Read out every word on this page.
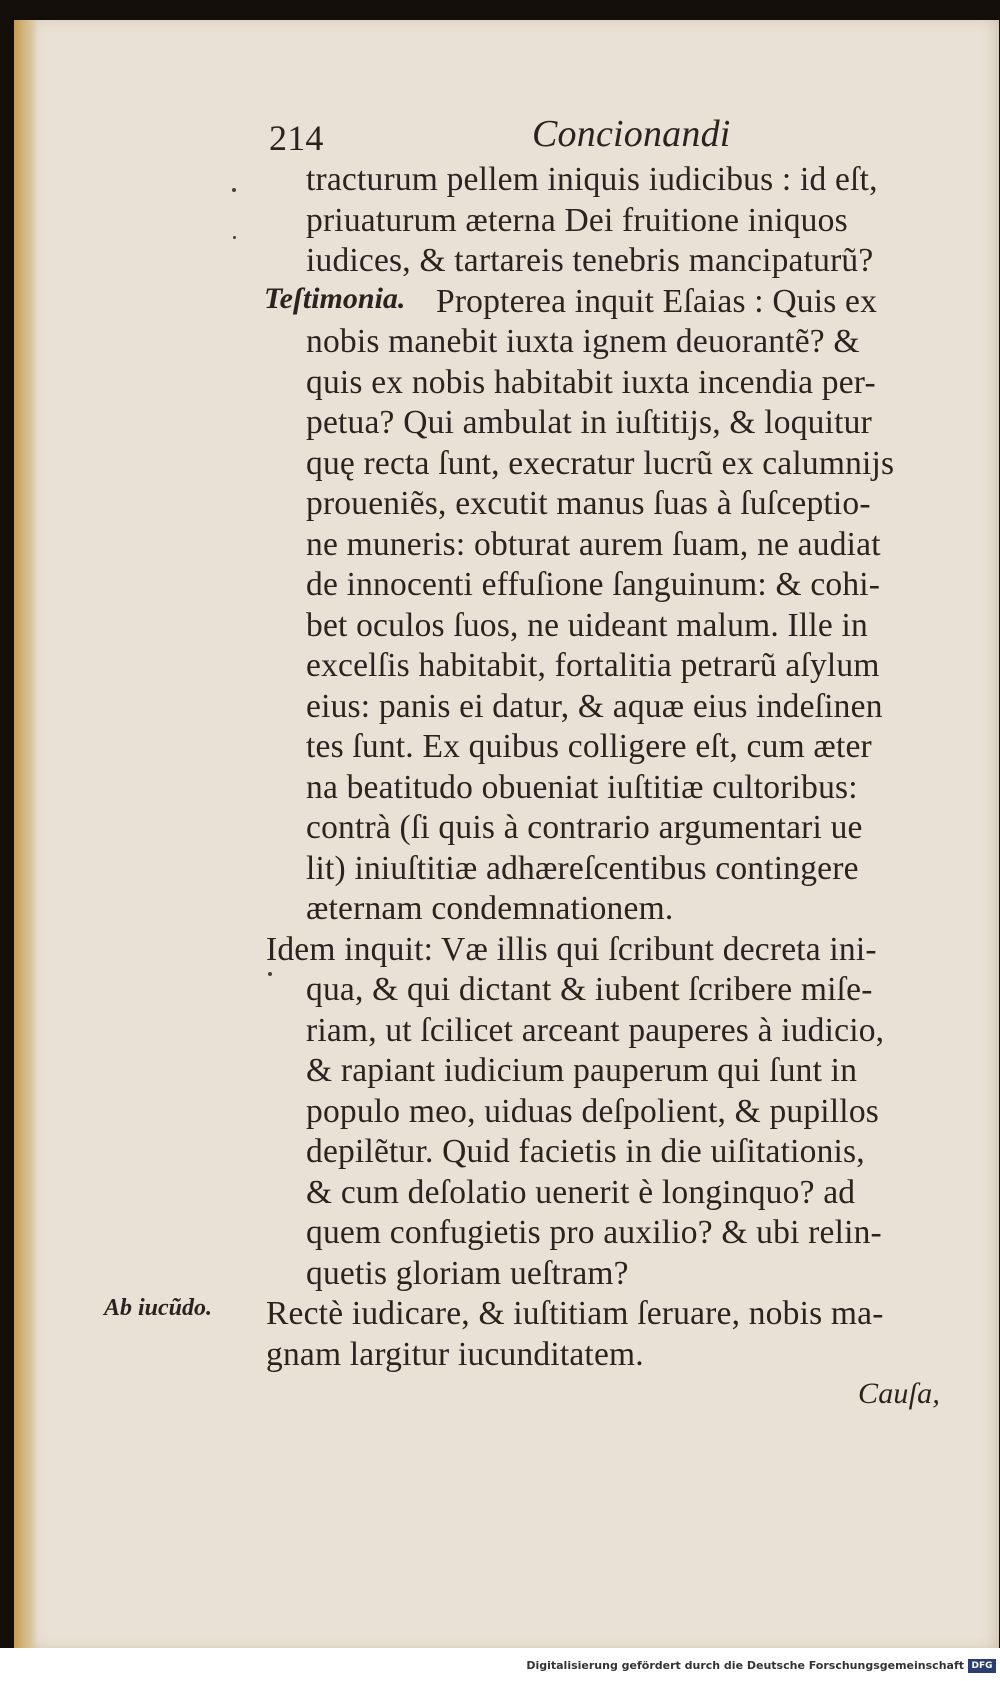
214	Concionandi
Teſtimonia.
Ab iucũdo.
tracturum pellem iniquis iudicibus : id eſt,
priuaturum æterna Dei fruitione iniquos
iudices, & tartareis tenebris mancipaturũ?
Propterea inquit Eſaias : Quis ex
nobis manebit iuxta ignem deuorantẽ? &
quis ex nobis habitabit iuxta incendia per-
petua? Qui ambulat in iuſtitijs, & loquitur
quę recta ſunt, execratur lucrũ ex calumnijs
proueniẽs, excutit manus ſuas à ſuſceptio-
ne muneris: obturat aurem ſuam, ne audiat
de innocenti effuſione ſanguinum: & cohi-
bet oculos ſuos, ne uideant malum. Ille in
excelſis habitabit, fortalitia petrarũ aſylum
eius: panis ei datur, & aquæ eius indeſinen
tes ſunt. Ex quibus colligere eſt, cum æter
na beatitudo obueniat iuſtitiæ cultoribus:
contrà (ſi quis à contrario argumentari ue
lit) iniuſtitiæ adhæreſcentibus contingere
æternam condemnationem.
Idem inquit: Væ illis qui ſcribunt decreta ini-
qua, & qui dictant & iubent ſcribere miſe-
riam, ut ſcilicet arceant pauperes à iudicio,
& rapiant iudicium pauperum qui ſunt in
populo meo, uiduas deſpolient, & pupillos
depilẽtur. Quid facietis in die uiſitationis,
& cum deſolatio uenerit è longinquo? ad
quem confugietis pro auxilio? & ubi relin-
quetis gloriam ueſtram?
Rectè iudicare, & iuſtitiam ſeruare, nobis ma-
gnam largitur iucunditatem.
Cauſa,
Digitalisierung gefördert durch die Deutsche Forschungsgemeinschaft DFG
